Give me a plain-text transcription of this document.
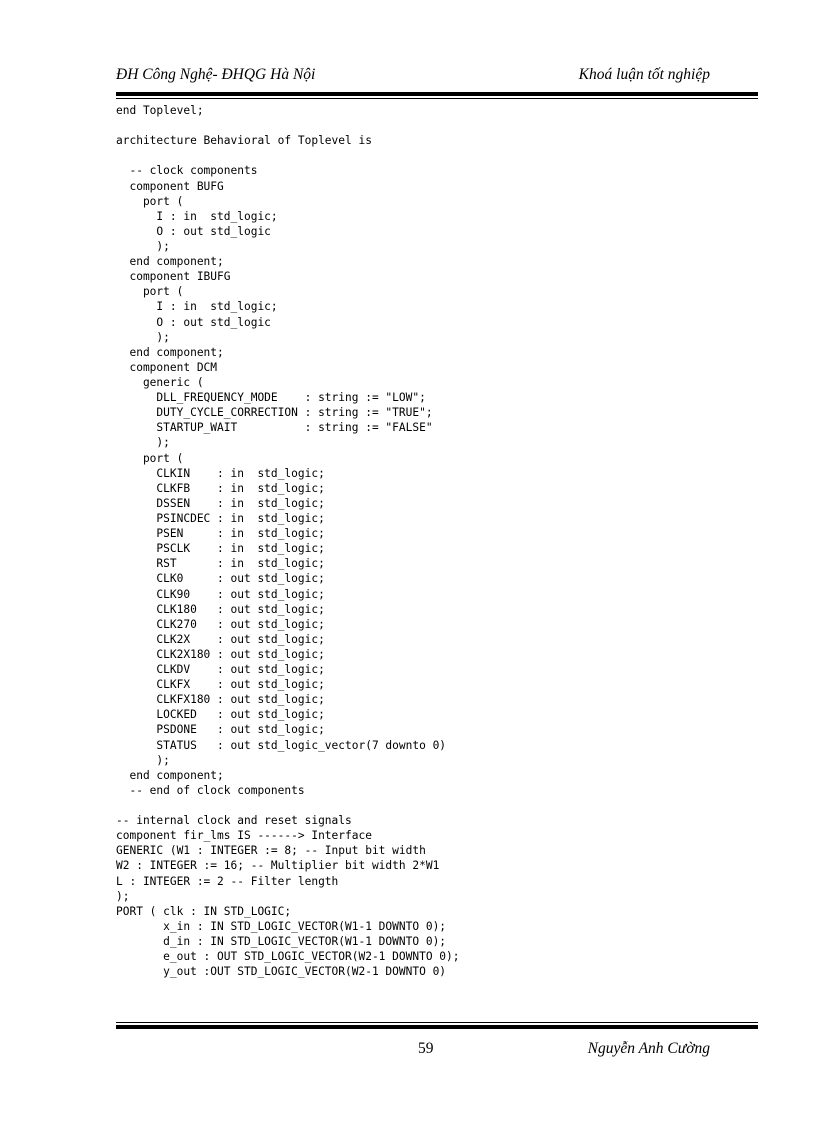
ĐH Công Nghệ- ĐHQG Hà Nội	Khoá luận tốt nghiệp
end Toplevel;
architecture Behavioral of Toplevel is
-- clock components
component BUFG
port (
I : in  std_logic;
O : out std_logic
);
end component;
component IBUFG
port (
I : in  std_logic;
O : out std_logic
);
end component;
component DCM
generic (
DLL_FREQUENCY_MODE    : string := "LOW";
DUTY_CYCLE_CORRECTION : string := "TRUE";
STARTUP_WAIT          : string := "FALSE"
);
port (
CLKIN    : in  std_logic;
CLKFB    : in  std_logic;
DSSEN    : in  std_logic;
PSINCDEC : in  std_logic;
PSEN     : in  std_logic;
PSCLK    : in  std_logic;
RST      : in  std_logic;
CLK0     : out std_logic;
CLK90    : out std_logic;
CLK180   : out std_logic;
CLK270   : out std_logic;
CLK2X    : out std_logic;
CLK2X180 : out std_logic;
CLKDV    : out std_logic;
CLKFX    : out std_logic;
CLKFX180 : out std_logic;
LOCKED   : out std_logic;
PSDONE   : out std_logic;
STATUS   : out std_logic_vector(7 downto 0)
);
end component;
-- end of clock components
-- internal clock and reset signals
component fir_lms IS ------> Interface
GENERIC (W1 : INTEGER := 8; -- Input bit width
W2 : INTEGER := 16; -- Multiplier bit width 2*W1
L : INTEGER := 2 -- Filter length
);
PORT ( clk : IN STD_LOGIC;
x_in : IN STD_LOGIC_VECTOR(W1-1 DOWNTO 0);
d_in : IN STD_LOGIC_VECTOR(W1-1 DOWNTO 0);
e_out : OUT STD_LOGIC_VECTOR(W2-1 DOWNTO 0);
y_out :OUT STD_LOGIC_VECTOR(W2-1 DOWNTO 0)
59	Nguyễn Anh Cường
